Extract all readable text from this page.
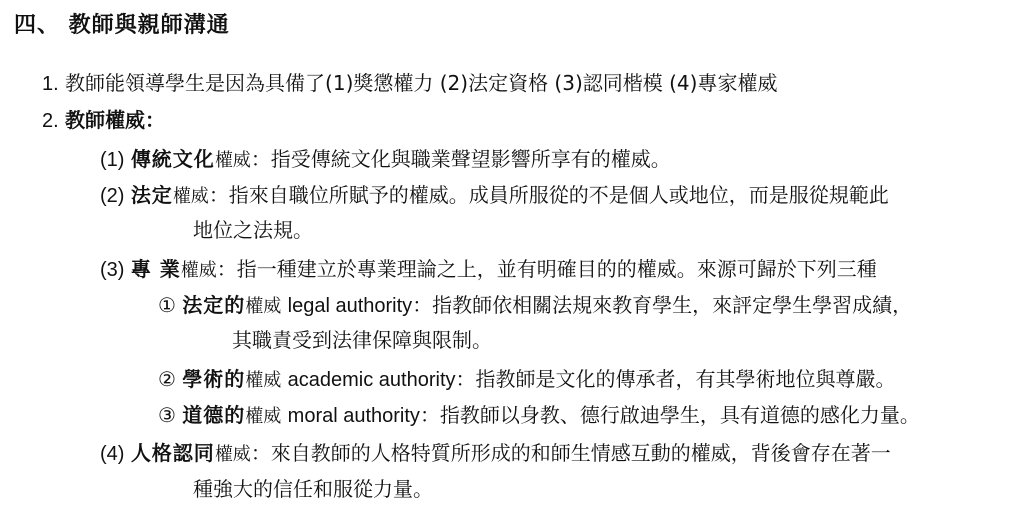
四、 教師與親師溝通
1. 教師能領導學生是因為具備了(1)獎懲權力 (2)法定資格 (3)認同楷模 (4)專家權威
2. 教師權威：
(1) 傳統文化權威：指受傳統文化與職業聲望影響所享有的權威。
(2) 法定權威：指來自職位所賦予的權威。成員所服從的不是個人或地位，而是服從規範此
地位之法規。
(3) 專 業權威：指一種建立於專業理論之上，並有明確目的的權威。來源可歸於下列三種
① 法定的權威 legal authority：指教師依相關法規來教育學生，來評定學生學習成績，
其職責受到法律保障與限制。
② 學術的權威 academic authority：指教師是文化的傳承者，有其學術地位與尊嚴。
③ 道德的權威 moral authority：指教師以身教、德行啟迪學生，具有道德的感化力量。
(4) 人格認同權威：來自教師的人格特質所形成的和師生情感互動的權威，背後會存在著一
種強大的信任和服從力量。
